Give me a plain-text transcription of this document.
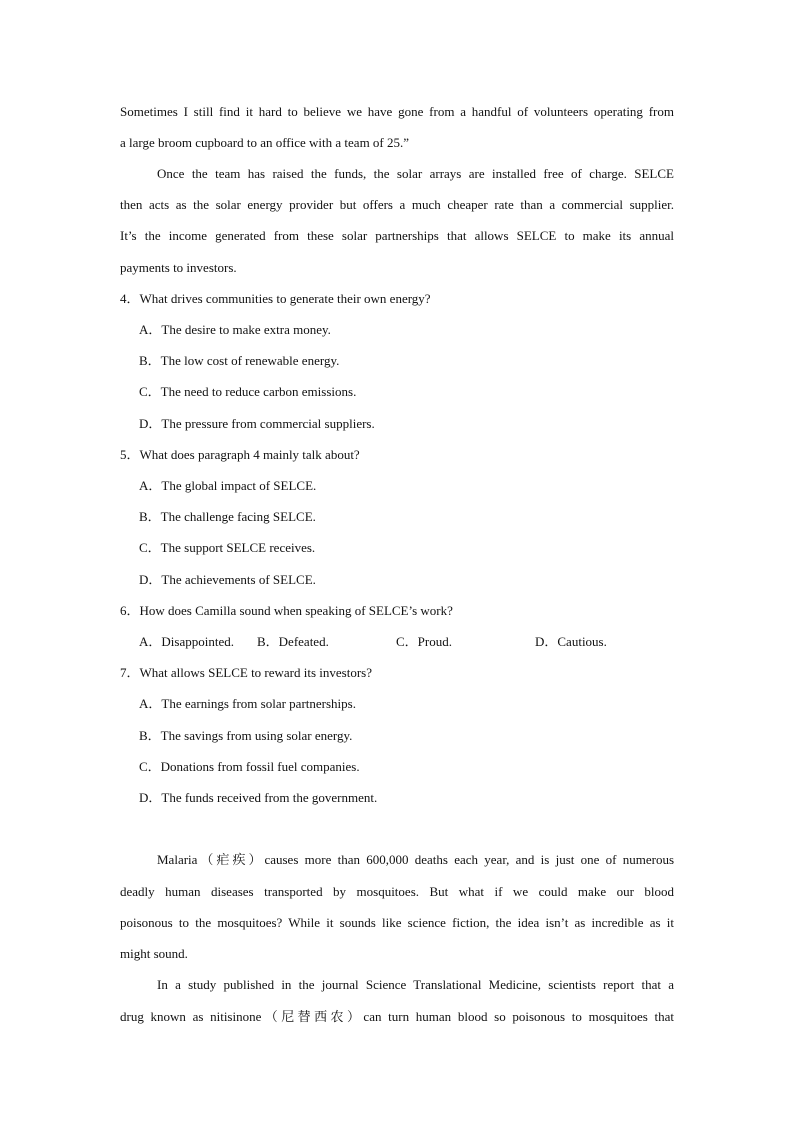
Sometimes I still find it hard to believe we have gone from a handful of volunteers operating from
a large broom cupboard to an office with a team of 25.”
Once the team has raised the funds, the solar arrays are installed free of charge. SELCE
then acts as the solar energy provider but offers a much cheaper rate than a commercial supplier.
It’s the income generated from these solar partnerships that allows SELCE to make its annual
payments to investors.
4．What drives communities to generate their own energy?
A．The desire to make extra money.
B．The low cost of renewable energy.
C．The need to reduce carbon emissions.
D．The pressure from commercial suppliers.
5．What does paragraph 4 mainly talk about?
A．The global impact of SELCE.
B．The challenge facing SELCE.
C．The support SELCE receives.
D．The achievements of SELCE.
6．How does Camilla sound when speaking of SELCE’s work?
A．Disappointed. B．Defeated.	C．Proud.	D．Cautious.
7．What allows SELCE to reward its investors?
A．The earnings from solar partnerships.
B．The savings from using solar energy.
C．Donations from fossil fuel companies.
D．The funds received from the government.
Malaria（疟疾）causes more than 600,000 deaths each year, and is just one of numerous
deadly human diseases transported by mosquitoes. But what if we could make our blood
poisonous to the mosquitoes? While it sounds like science fiction, the idea isn’t as incredible as it
might sound.
In a study published in the journal Science Translational Medicine, scientists report that a
drug known as nitisinone（尼替西农）can turn human blood so poisonous to mosquitoes that
